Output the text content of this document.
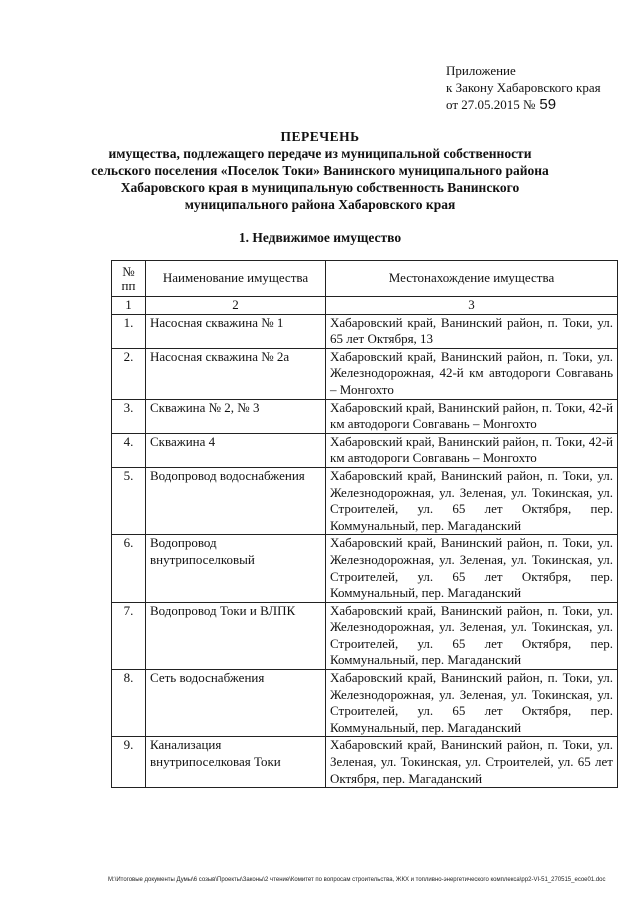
Приложение
к Закону Хабаровского края
от 27.05.2015 № 59
ПЕРЕЧЕНЬ
имущества, подлежащего передаче из муниципальной собственности
сельского поселения «Поселок Токи» Ванинского муниципального района
Хабаровского края в муниципальную собственность Ванинского
муниципального района Хабаровского края
1. Недвижимое имущество
№ пп	Наименование имущества	Местонахождение имущества
1	2	3
1.	Насосная скважина № 1	Хабаровский край, Ванинский район, п. Токи, ул. 65 лет Октября, 13
2.	Насосная скважина № 2а	Хабаровский край, Ванинский район, п. Токи, ул. Железнодорожная, 42-й км автодороги Совгавань – Монгохто
3.	Скважина № 2, № 3	Хабаровский край, Ванинский район, п. Токи, 42-й км автодороги Совгавань – Монгохто
4.	Скважина 4	Хабаровский край, Ванинский район, п. Токи, 42-й км автодороги Совгавань – Монгохто
5.	Водопровод водоснабжения	Хабаровский край, Ванинский район, п. Токи, ул. Железнодорожная, ул. Зеленая, ул. Токинская, ул. Строителей, ул. 65 лет Октября, пер. Коммунальный, пер. Магаданский
6.	Водопровод внутрипоселковый	Хабаровский край, Ванинский район, п. Токи, ул. Железнодорожная, ул. Зеленая, ул. Токинская, ул. Строителей, ул. 65 лет Октября, пер. Коммунальный, пер. Магаданский
7.	Водопровод Токи и ВЛПК	Хабаровский край, Ванинский район, п. Токи, ул. Железнодорожная, ул. Зеленая, ул. Токинская, ул. Строителей, ул. 65 лет Октября, пер. Коммунальный, пер. Магаданский
8.	Сеть водоснабжения	Хабаровский край, Ванинский район, п. Токи, ул. Железнодорожная, ул. Зеленая, ул. Токинская, ул. Строителей, ул. 65 лет Октября, пер. Коммунальный, пер. Магаданский
9.	Канализация внутрипоселковая Токи	Хабаровский край, Ванинский район, п. Токи, ул. Зеленая, ул. Токинская, ул. Строителей, ул. 65 лет Октября, пер. Магаданский
M:\Итоговые документы Думы\6 созыв\Проекты\Законы\2 чтение\Комитет по вопросам строительства, ЖКХ и топливно-энергетического комплекса\рр2-VI-51_270515_ecoe01.doc
